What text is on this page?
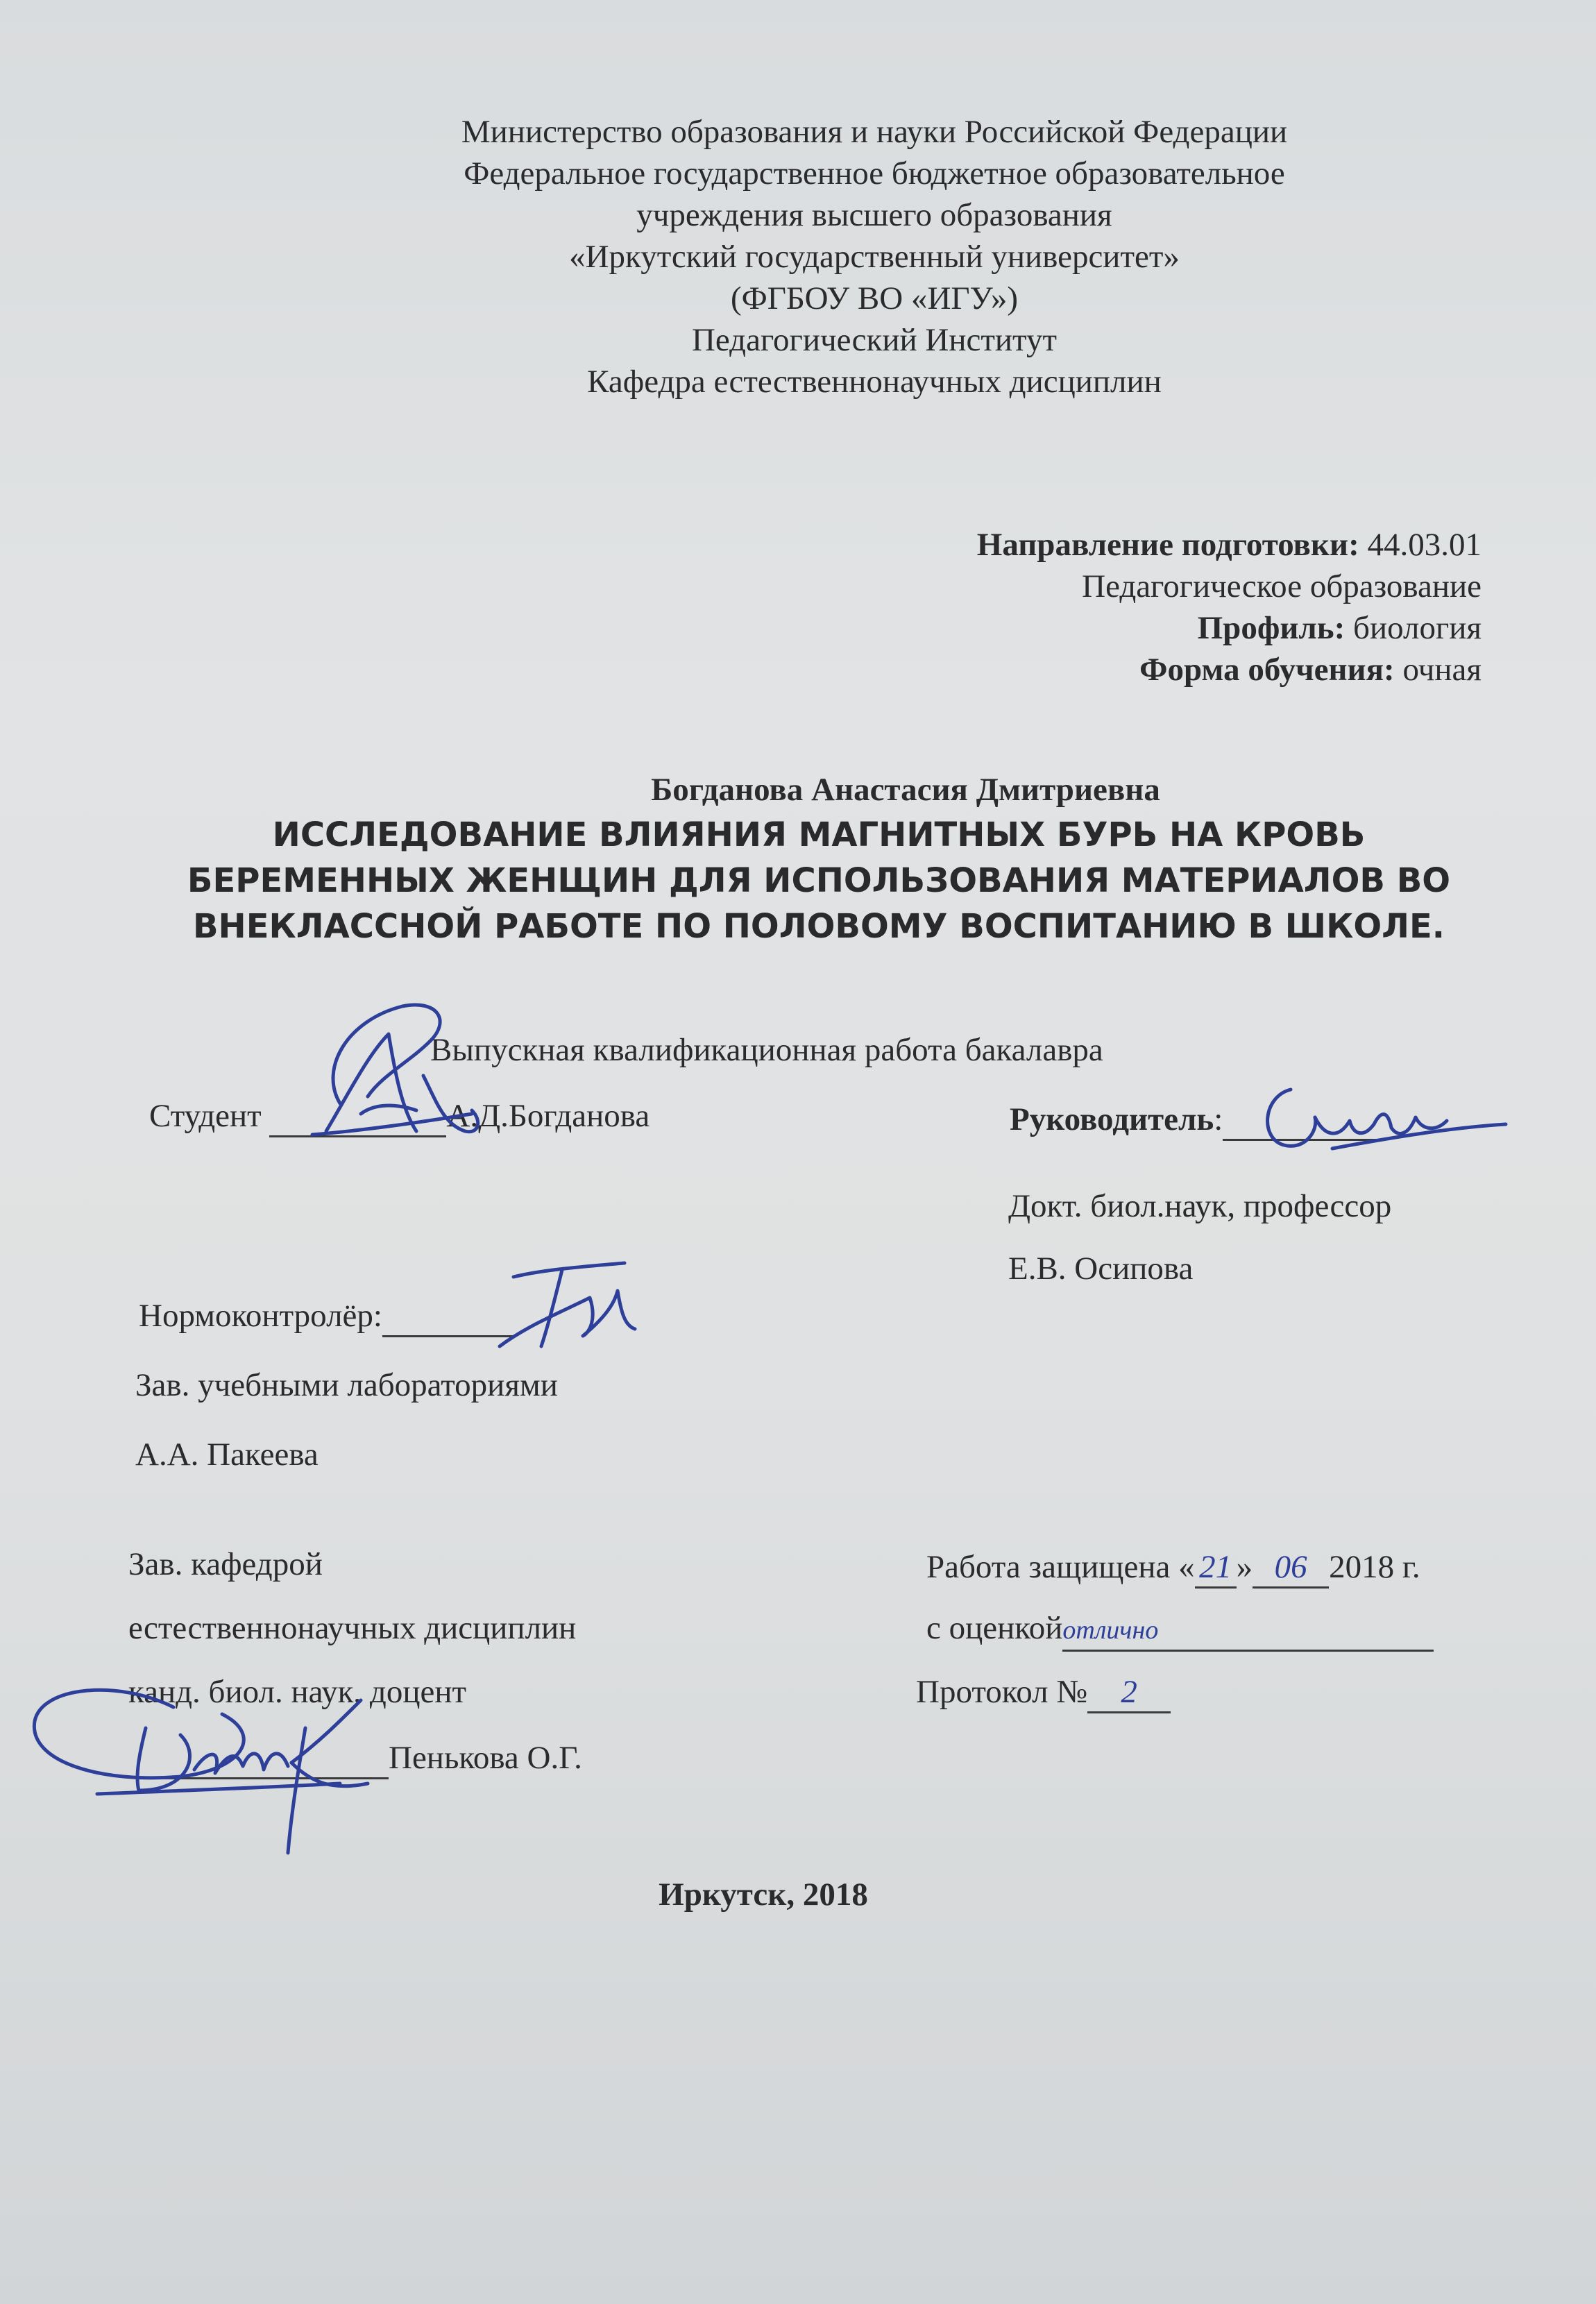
Министерство образования и науки Российской Федерации
Федеральное государственное бюджетное образовательное
учреждения высшего образования
«Иркутский государственный университет»
(ФГБОУ ВО «ИГУ»)
Педагогический Институт
Кафедра естественнонаучных дисциплин
Направление подготовки: 44.03.01
Педагогическое образование
Профиль: биология
Форма обучения: очная
Богданова Анастасия Дмитриевна
ИССЛЕДОВАНИЕ ВЛИЯНИЯ МАГНИТНЫХ БУРЬ НА КРОВЬ
БЕРЕМЕННЫХ ЖЕНЩИН ДЛЯ ИСПОЛЬЗОВАНИЯ МАТЕРИАЛОВ ВО
ВНЕКЛАССНОЙ РАБОТЕ ПО ПОЛОВОМУ ВОСПИТАНИЮ В ШКОЛЕ.
Выпускная квалификационная работа бакалавра
Студент	А.Д.Богданова	Руководитель:
Докт. биол.наук, профессор
Е.В. Осипова
Нормоконтролёр:
Зав. учебными лабораториями
А.А. Пакеева
Зав. кафедрой
естественнонаучных дисциплин
канд. биол. наук, доцент
Пенькова О.Г.
Работа защищена « 21 » 06 2018 г.
с оценкойотлично
Протокол № 2
Иркутск, 2018
